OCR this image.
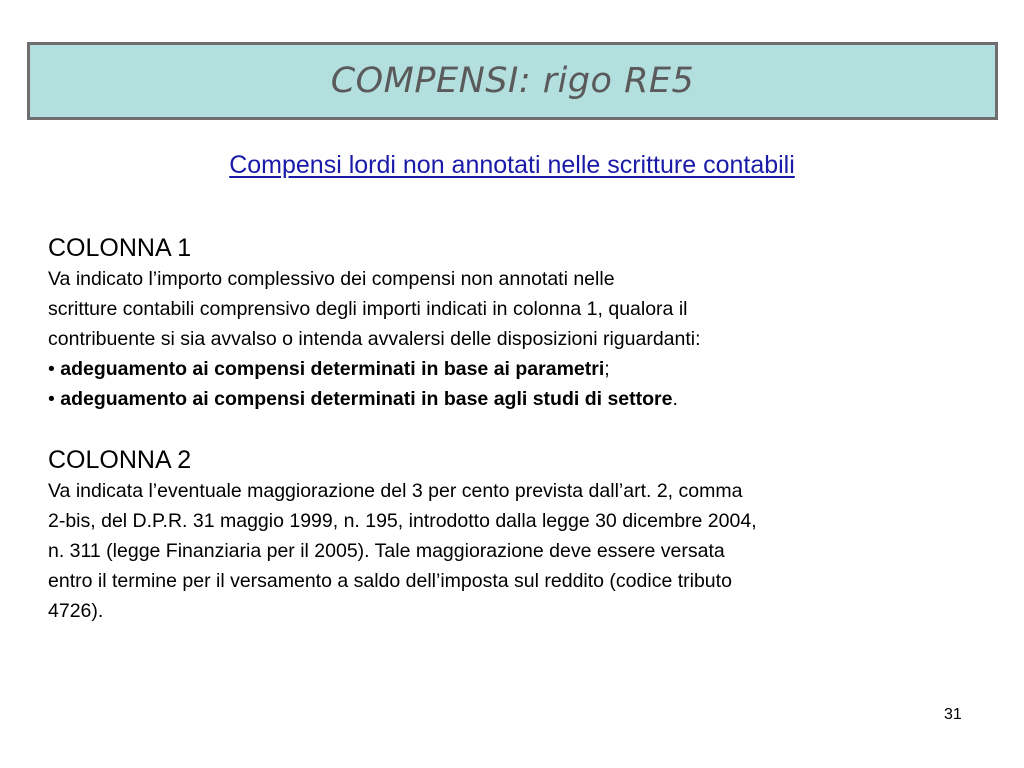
COMPENSI: rigo RE5
Compensi lordi non annotati nelle scritture contabili
COLONNA 1
Va indicato l’importo complessivo dei compensi non annotati nelle
scritture contabili comprensivo degli importi indicati in colonna 1, qualora il
contribuente si sia avvalso o intenda avvalersi delle disposizioni riguardanti:
• adeguamento ai compensi determinati in base ai parametri;
• adeguamento ai compensi determinati in base agli studi di settore.
COLONNA 2
Va indicata l’eventuale maggiorazione del 3 per cento prevista dall’art. 2, comma
2-bis, del D.P.R. 31 maggio 1999, n. 195, introdotto dalla legge 30 dicembre 2004,
n. 311 (legge Finanziaria per il 2005). Tale maggiorazione deve essere versata
entro il termine per il versamento a saldo dell’imposta sul reddito (codice tributo
4726).
31
